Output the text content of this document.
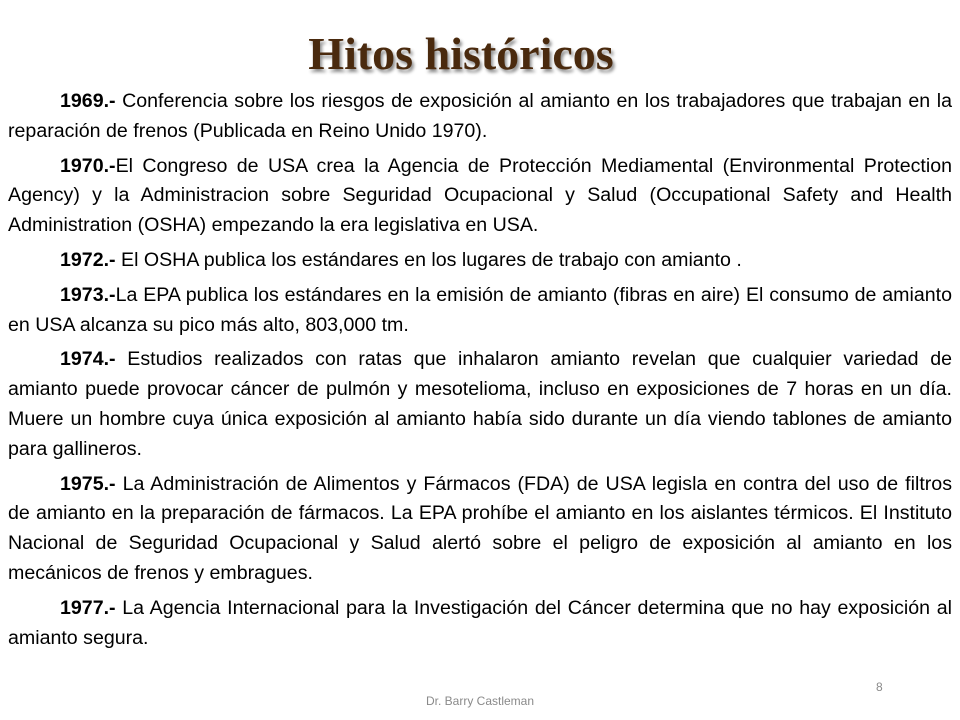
Hitos históricos

1969.- Conferencia sobre los riesgos de exposición al amianto en los trabajadores que trabajan en la reparación de frenos (Publicada en Reino Unido 1970).

1970.-El Congreso de USA crea la Agencia de Protección Mediamental (Environmental Protection Agency) y la Administracion sobre Seguridad Ocupacional y Salud (Occupational Safety and Health Administration (OSHA) empezando la era legislativa en USA.

1972.- El OSHA publica los estándares en los lugares de trabajo con amianto .

1973.-La EPA publica los estándares en la emisión de amianto (fibras en aire) El consumo de amianto en USA alcanza su pico más alto, 803,000 tm.

1974.- Estudios realizados con ratas que inhalaron amianto revelan que cualquier variedad de amianto puede provocar cáncer de pulmón y mesotelioma, incluso en exposiciones de 7 horas en un día. Muere un hombre cuya única exposición al amianto había sido durante un día viendo tablones de amianto para gallineros.

1975.- La Administración de Alimentos y Fármacos (FDA) de USA legisla en contra del uso de filtros de amianto en la preparación de fármacos. La EPA prohíbe el amianto en los aislantes térmicos. El Instituto Nacional de Seguridad Ocupacional y Salud alertó sobre el peligro de exposición al amianto en los mecánicos de frenos y embragues.

1977.- La Agencia Internacional para la Investigación del Cáncer determina que no hay exposición al amianto segura.

8
Dr. Barry Castleman
